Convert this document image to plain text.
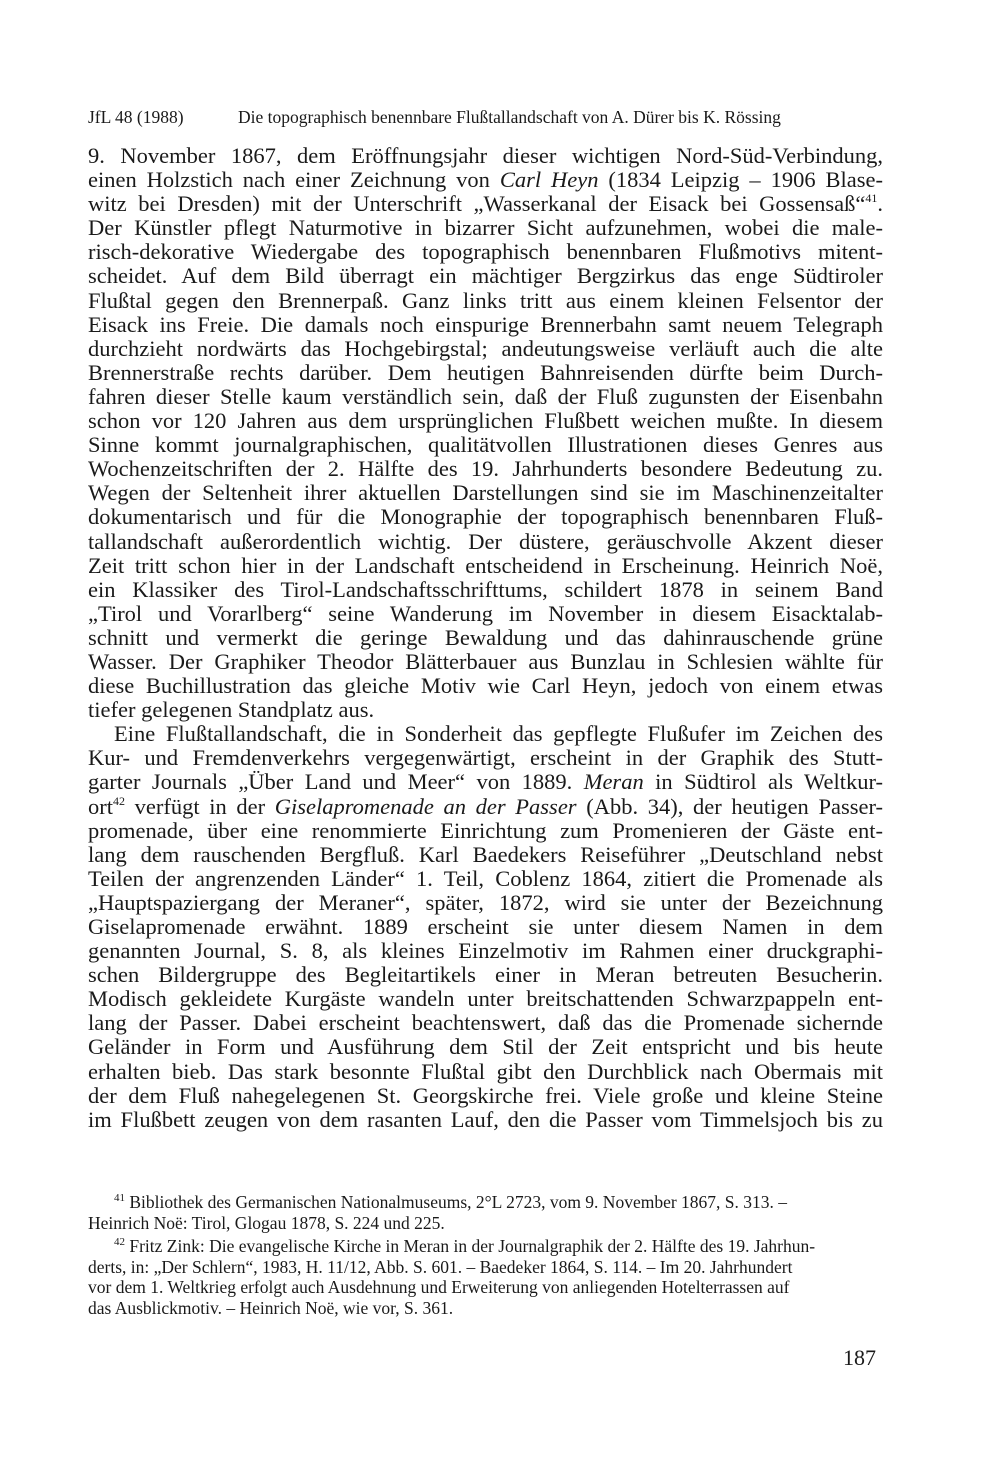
JfL 48 (1988)	Die topographisch benennbare Flußtallandschaft von A. Dürer bis K. Rössing
9. November 1867, dem Eröffnungsjahr dieser wichtigen Nord-Süd-Verbindung,
einen Holzstich nach einer Zeichnung von Carl Heyn (1834 Leipzig – 1906 Blase-
witz bei Dresden) mit der Unterschrift „Wasserkanal der Eisack bei Gossensaß“$^{41}$.
Der Künstler pflegt Naturmotive in bizarrer Sicht aufzunehmen, wobei die male-
risch-dekorative Wiedergabe des topographisch benennbaren Flußmotivs mitent-
scheidet. Auf dem Bild überragt ein mächtiger Bergzirkus das enge Südtiroler
Flußtal gegen den Brennerpaß. Ganz links tritt aus einem kleinen Felsentor der
Eisack ins Freie. Die damals noch einspurige Brennerbahn samt neuem Telegraph
durchzieht nordwärts das Hochgebirgstal; andeutungsweise verläuft auch die alte
Brennerstraße rechts darüber. Dem heutigen Bahnreisenden dürfte beim Durch-
fahren dieser Stelle kaum verständlich sein, daß der Fluß zugunsten der Eisenbahn
schon vor 120 Jahren aus dem ursprünglichen Flußbett weichen mußte. In diesem
Sinne kommt journalgraphischen, qualitätvollen Illustrationen dieses Genres aus
Wochenzeitschriften der 2. Hälfte des 19. Jahrhunderts besondere Bedeutung zu.
Wegen der Seltenheit ihrer aktuellen Darstellungen sind sie im Maschinenzeitalter
dokumentarisch und für die Monographie der topographisch benennbaren Fluß-
tallandschaft außerordentlich wichtig. Der düstere, geräuschvolle Akzent dieser
Zeit tritt schon hier in der Landschaft entscheidend in Erscheinung. Heinrich Noë,
ein Klassiker des Tirol-Landschaftsschrifttums, schildert 1878 in seinem Band
„Tirol und Vorarlberg“ seine Wanderung im November in diesem Eisacktalab-
schnitt und vermerkt die geringe Bewaldung und das dahinrauschende grüne
Wasser. Der Graphiker Theodor Blätterbauer aus Bunzlau in Schlesien wählte für
diese Buchillustration das gleiche Motiv wie Carl Heyn, jedoch von einem etwas
tiefer gelegenen Standplatz aus.
Eine Flußtallandschaft, die in Sonderheit das gepflegte Flußufer im Zeichen des
Kur- und Fremdenverkehrs vergegenwärtigt, erscheint in der Graphik des Stutt-
garter Journals „Über Land und Meer“ von 1889. Meran in Südtirol als Weltkur-
ort$^{42}$ verfügt in der Giselapromenade an der Passer (Abb. 34), der heutigen Passer-
promenade, über eine renommierte Einrichtung zum Promenieren der Gäste ent-
lang dem rauschenden Bergfluß. Karl Baedekers Reiseführer „Deutschland nebst
Teilen der angrenzenden Länder“ 1. Teil, Coblenz 1864, zitiert die Promenade als
„Hauptspaziergang der Meraner“, später, 1872, wird sie unter der Bezeichnung
Giselapromenade erwähnt. 1889 erscheint sie unter diesem Namen in dem
genannten Journal, S. 8, als kleines Einzelmotiv im Rahmen einer druckgraphi-
schen Bildergruppe des Begleitartikels einer in Meran betreuten Besucherin.
Modisch gekleidete Kurgäste wandeln unter breitschattenden Schwarzpappeln ent-
lang der Passer. Dabei erscheint beachtenswert, daß das die Promenade sichernde
Geländer in Form und Ausführung dem Stil der Zeit entspricht und bis heute
erhalten bieb. Das stark besonnte Flußtal gibt den Durchblick nach Obermais mit
der dem Fluß nahegelegenen St. Georgskirche frei. Viele große und kleine Steine
im Flußbett zeugen von dem rasanten Lauf, den die Passer vom Timmelsjoch bis zu
$^{41}$ Bibliothek des Germanischen Nationalmuseums, 2°L 2723, vom 9. November 1867, S. 313. –
Heinrich Noë: Tirol, Glogau 1878, S. 224 und 225.
$^{42}$ Fritz Zink: Die evangelische Kirche in Meran in der Journalgraphik der 2. Hälfte des 19. Jahrhun-
derts, in: „Der Schlern“, 1983, H. 11/12, Abb. S. 601. – Baedeker 1864, S. 114. – Im 20. Jahrhundert
vor dem 1. Weltkrieg erfolgt auch Ausdehnung und Erweiterung von anliegenden Hotelterrassen auf
das Ausblickmotiv. – Heinrich Noë, wie vor, S. 361.
187
